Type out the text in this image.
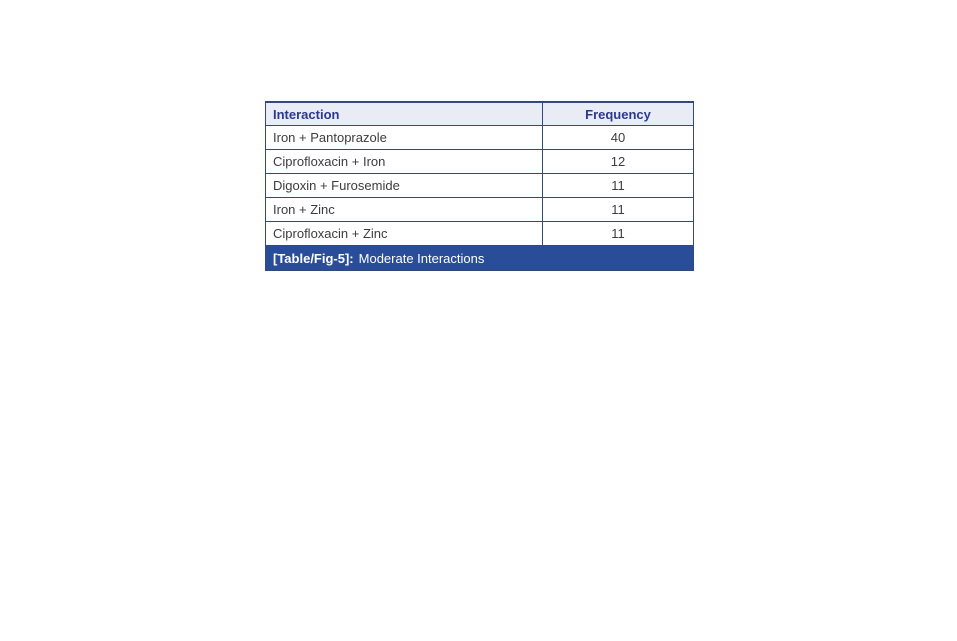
Interaction	Frequency
Iron + Pantoprazole	40
Ciprofloxacin + Iron	12
Digoxin + Furosemide	11
Iron + Zinc	11
Ciprofloxacin + Zinc	11
[Table/Fig-5]: Moderate Interactions
